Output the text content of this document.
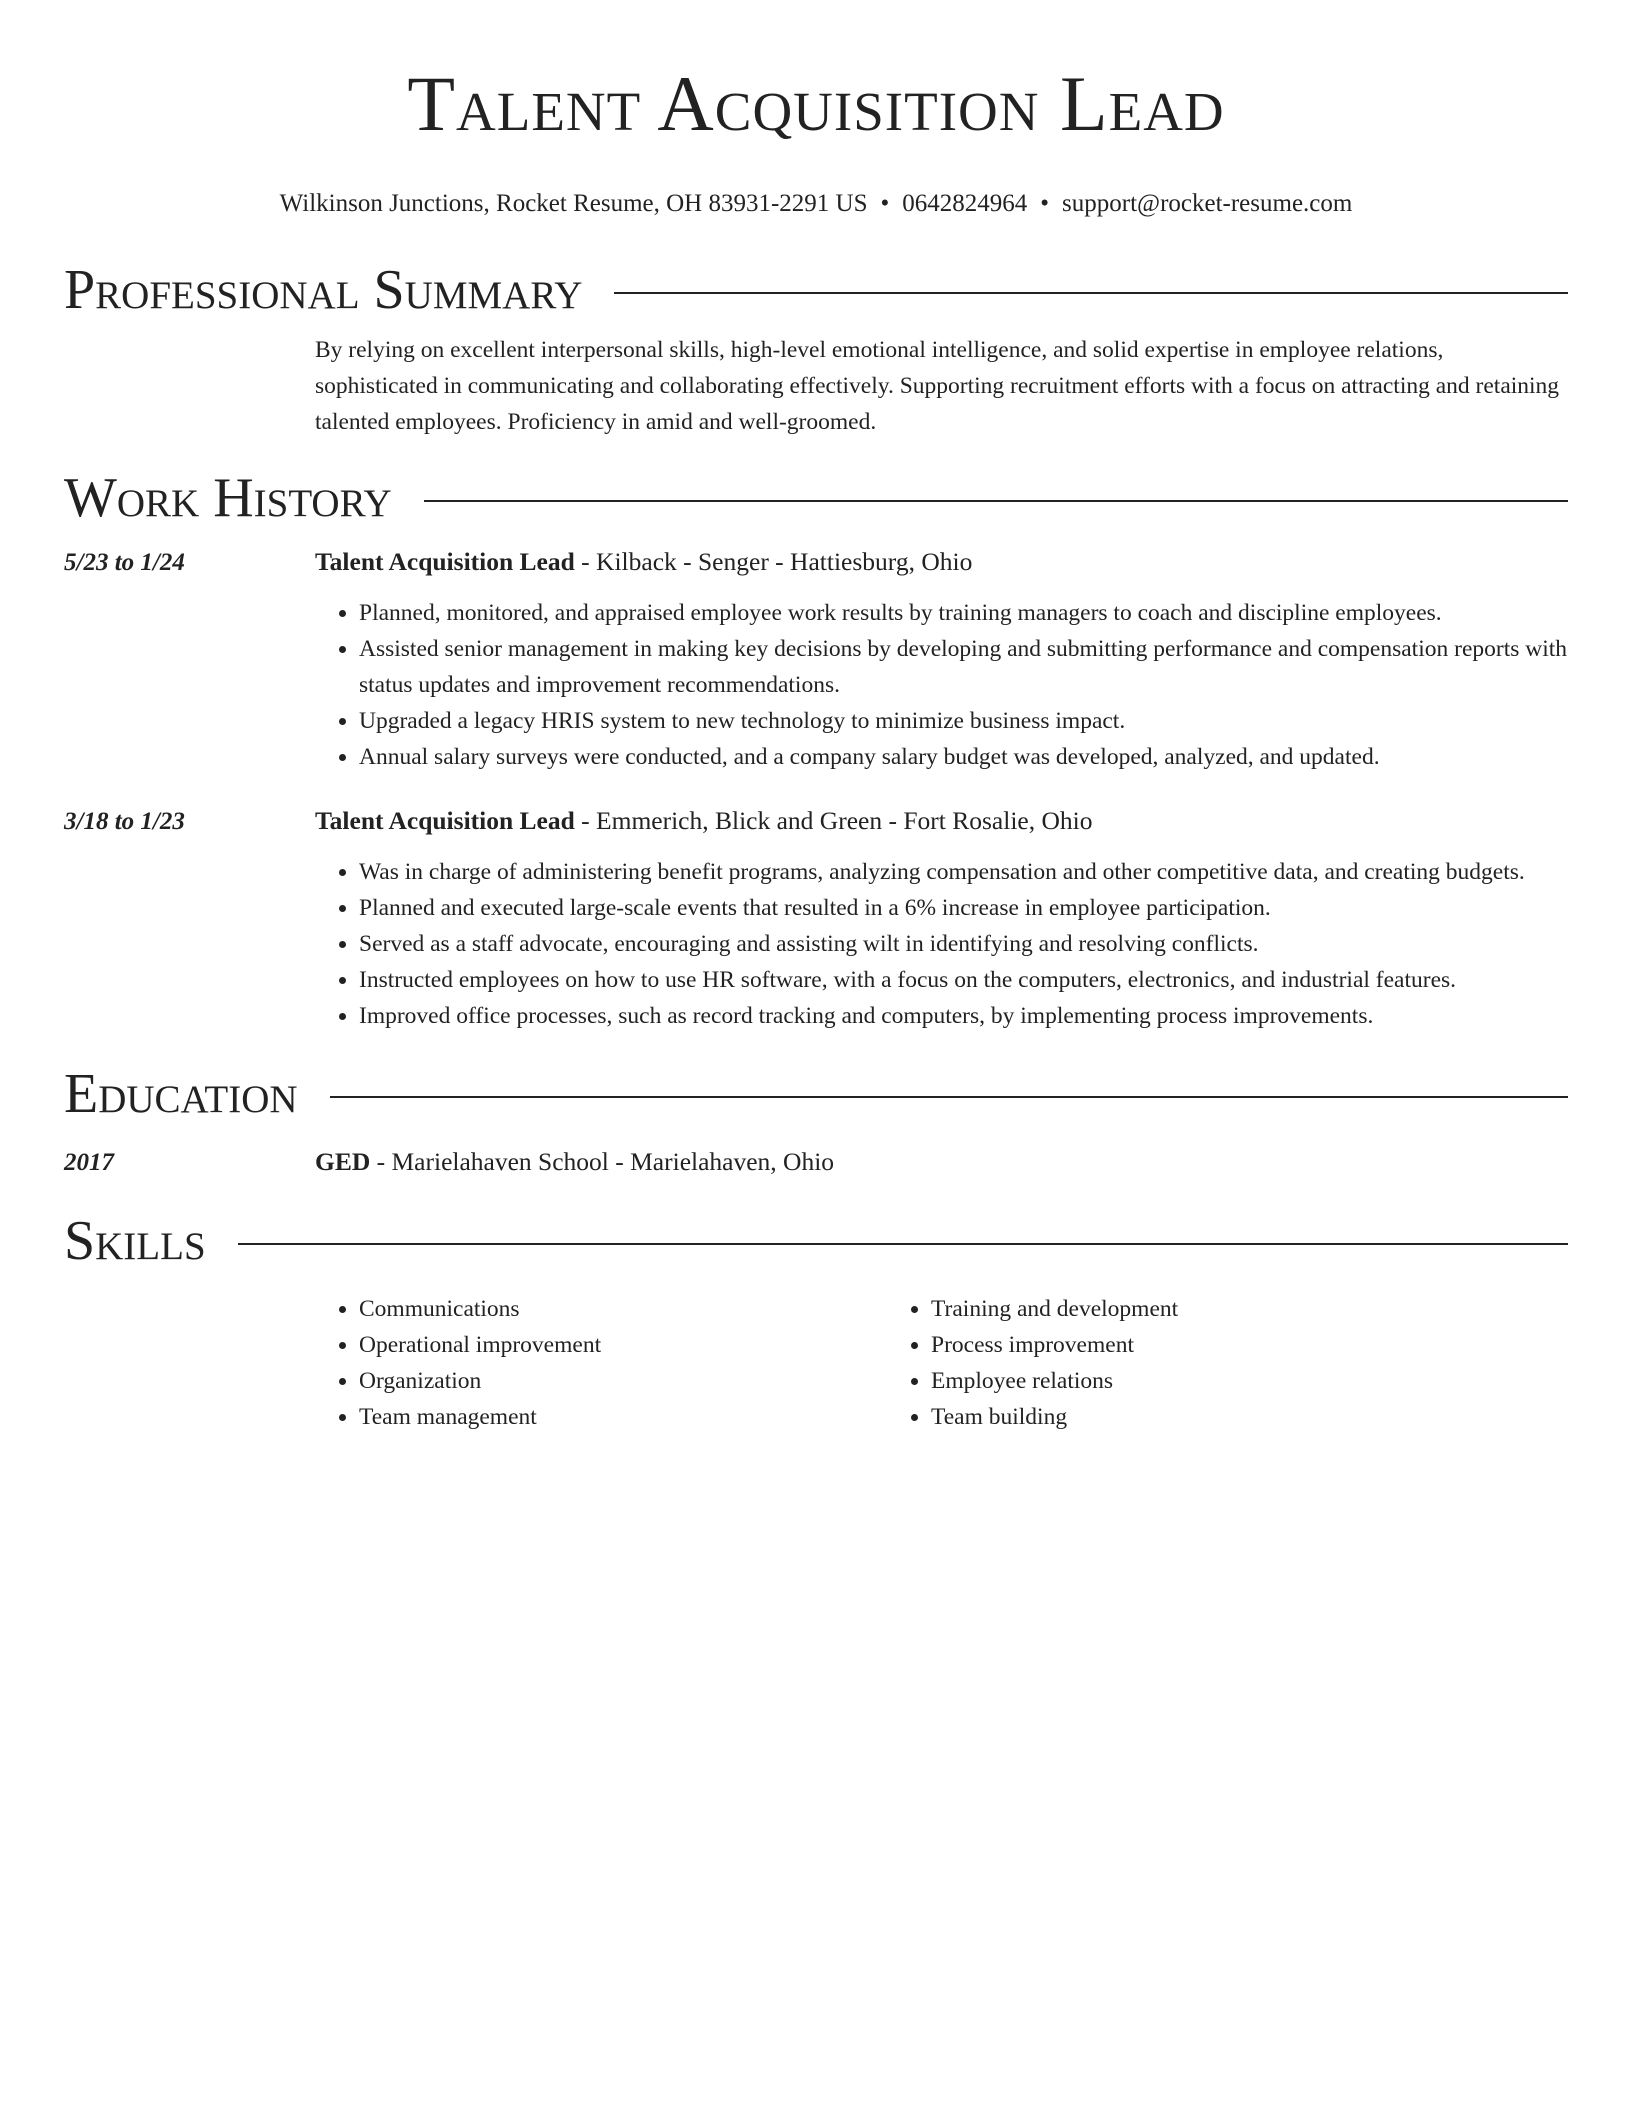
Talent Acquisition Lead
Wilkinson Junctions, Rocket Resume, OH 83931-2291 US • 0642824964 • support@rocket-resume.com
Professional Summary
By relying on excellent interpersonal skills, high-level emotional intelligence, and solid expertise in employee relations, sophisticated in communicating and collaborating effectively. Supporting recruitment efforts with a focus on attracting and retaining talented employees. Proficiency in amid and well-groomed.
Work History
5/23 to 1/24	Talent Acquisition Lead - Kilback - Senger - Hattiesburg, Ohio
• Planned, monitored, and appraised employee work results by training managers to coach and discipline employees.
• Assisted senior management in making key decisions by developing and submitting performance and compensation reports with status updates and improvement recommendations.
• Upgraded a legacy HRIS system to new technology to minimize business impact.
• Annual salary surveys were conducted, and a company salary budget was developed, analyzed, and updated.
3/18 to 1/23	Talent Acquisition Lead - Emmerich, Blick and Green - Fort Rosalie, Ohio
• Was in charge of administering benefit programs, analyzing compensation and other competitive data, and creating budgets.
• Planned and executed large-scale events that resulted in a 6% increase in employee participation.
• Served as a staff advocate, encouraging and assisting wilt in identifying and resolving conflicts.
• Instructed employees on how to use HR software, with a focus on the computers, electronics, and industrial features.
• Improved office processes, such as record tracking and computers, by implementing process improvements.
Education
2017	GED - Marielahaven School - Marielahaven, Ohio
Skills
• Communications
• Operational improvement
• Organization
• Team management
• Training and development
• Process improvement
• Employee relations
• Team building
